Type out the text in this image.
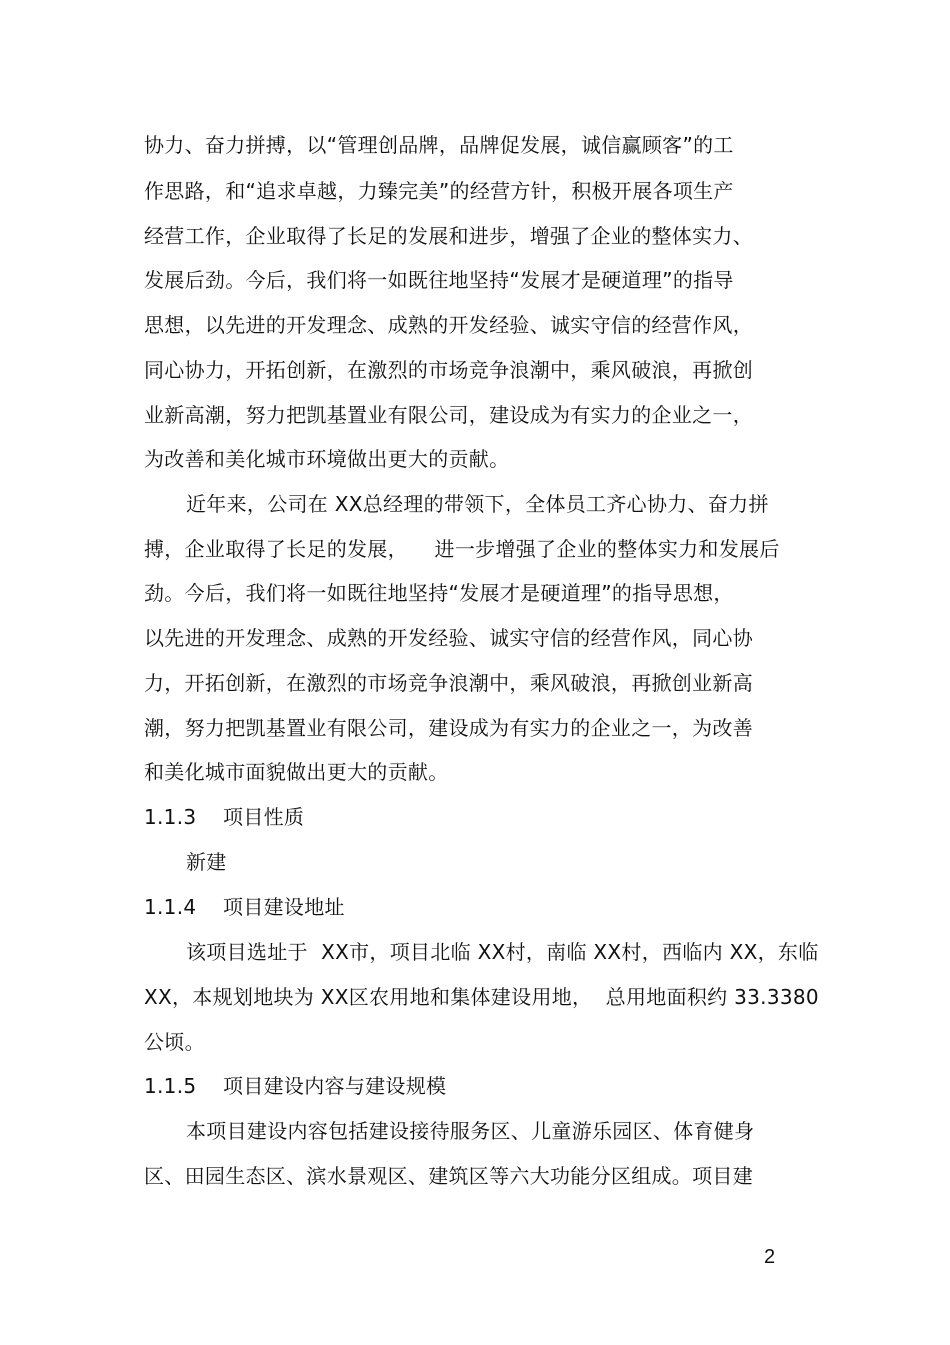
协力、奋力拼搏，以“管理创品牌，品牌促发展，诚信赢顾客”的工
作思路，和“追求卓越，力臻完美”的经营方针，积极开展各项生产
经营工作，企业取得了长足的发展和进步，增强了企业的整体实力、
发展后劲。今后，我们将一如既往地坚持“发展才是硬道理”的指导
思想，以先进的开发理念、成熟的开发经验、诚实守信的经营作风，
同心协力，开拓创新，在激烈的市场竞争浪潮中，乘风破浪，再掀创
业新高潮，努力把凯基置业有限公司，建设成为有实力的企业之一，
为改善和美化城市环境做出更大的贡献。
近年来，公司在 XX总经理的带领下，全体员工齐心协力、奋力拼
搏，企业取得了长足的发展，    进一步增强了企业的整体实力和发展后
劲。今后，我们将一如既往地坚持“发展才是硬道理”的指导思想，
以先进的开发理念、成熟的开发经验、诚实守信的经营作风，同心协
力，开拓创新，在激烈的市场竞争浪潮中，乘风破浪，再掀创业新高
潮，努力把凯基置业有限公司，建设成为有实力的企业之一，为改善
和美化城市面貌做出更大的贡献。
1.1.3    项目性质
新建
1.1.4    项目建设地址
该项目选址于  XX市，项目北临 XX村，南临 XX村，西临内 XX，东临
XX，本规划地块为 XX区农用地和集体建设用地，  总用地面积约 33.3380
公顷。
1.1.5    项目建设内容与建设规模
本项目建设内容包括建设接待服务区、儿童游乐园区、体育健身
区、田园生态区、滨水景观区、建筑区等六大功能分区组成。项目建
2
